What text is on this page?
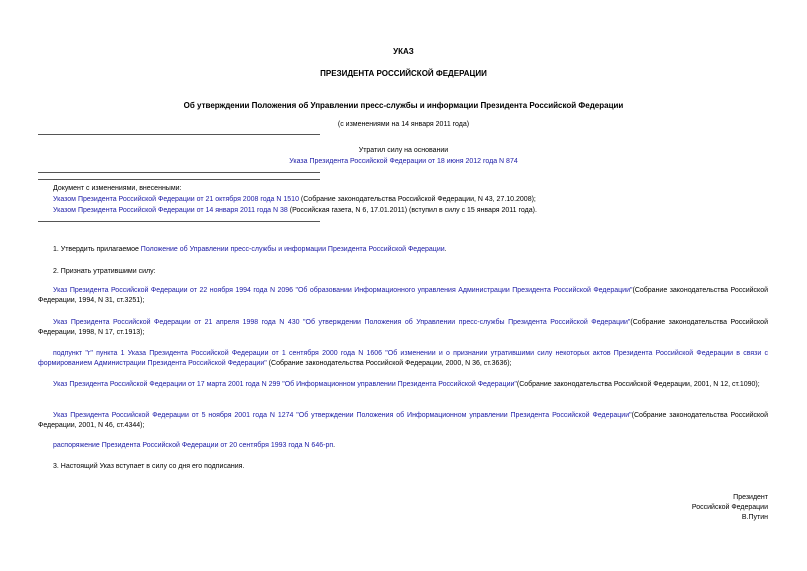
УКАЗ
ПРЕЗИДЕНТА РОССИЙСКОЙ ФЕДЕРАЦИИ
Об утверждении Положения об Управлении пресс-службы и информации Президента Российской Федерации
(с изменениями на 14 января 2011 года)
Утратил силу на основании
Указа Президента Российской Федерации от 18 июня 2012 года N 874
Документ с изменениями, внесенными:
Указом Президента Российской Федерации от 21 октября 2008 года N 1510 (Собрание законодательства Российской Федерации, N 43, 27.10.2008);
Указом Президента Российской Федерации от 14 января 2011 года N 38 (Российская газета, N 6, 17.01.2011) (вступил в силу с 15 января 2011 года).
1. Утвердить прилагаемое Положение об Управлении пресс-службы и информации Президента Российской Федерации.
2. Признать утратившими силу:
Указ Президента Российской Федерации от 22 ноября 1994 года N 2096 "Об образовании Информационного управления Администрации Президента Российской Федерации"(Собрание законодательства Российской Федерации, 1994, N 31, ст.3251);
Указ Президента Российской Федерации от 21 апреля 1998 года N 430 "Об утверждении Положения об Управлении пресс-службы Президента Российской Федерации"(Собрание законодательства Российской Федерации, 1998, N 17, ст.1913);
подпункт "г" пункта 1 Указа Президента Российской Федерации от 1 сентября 2000 года N 1606 "Об изменении и о признании утратившими силу некоторых актов Президента Российской Федерации в связи с формированием Администрации Президента Российской Федерации" (Собрание законодательства Российской Федерации, 2000, N 36, ст.3636);
Указ Президента Российской Федерации от 17 марта 2001 года N 299 "Об Информационном управлении Президента Российской Федерации"(Собрание законодательства Российской Федерации, 2001, N 12, ст.1090);
Указ Президента Российской Федерации от 5 ноября 2001 года N 1274 "Об утверждении Положения об Информационном управлении Президента Российской Федерации"(Собрание законодательства Российской Федерации, 2001, N 46, ст.4344);
распоряжение Президента Российской Федерации от 20 сентября 1993 года N 646-рп.
3. Настоящий Указ вступает в силу со дня его подписания.
Президент
Российской Федерации
В.Путин
